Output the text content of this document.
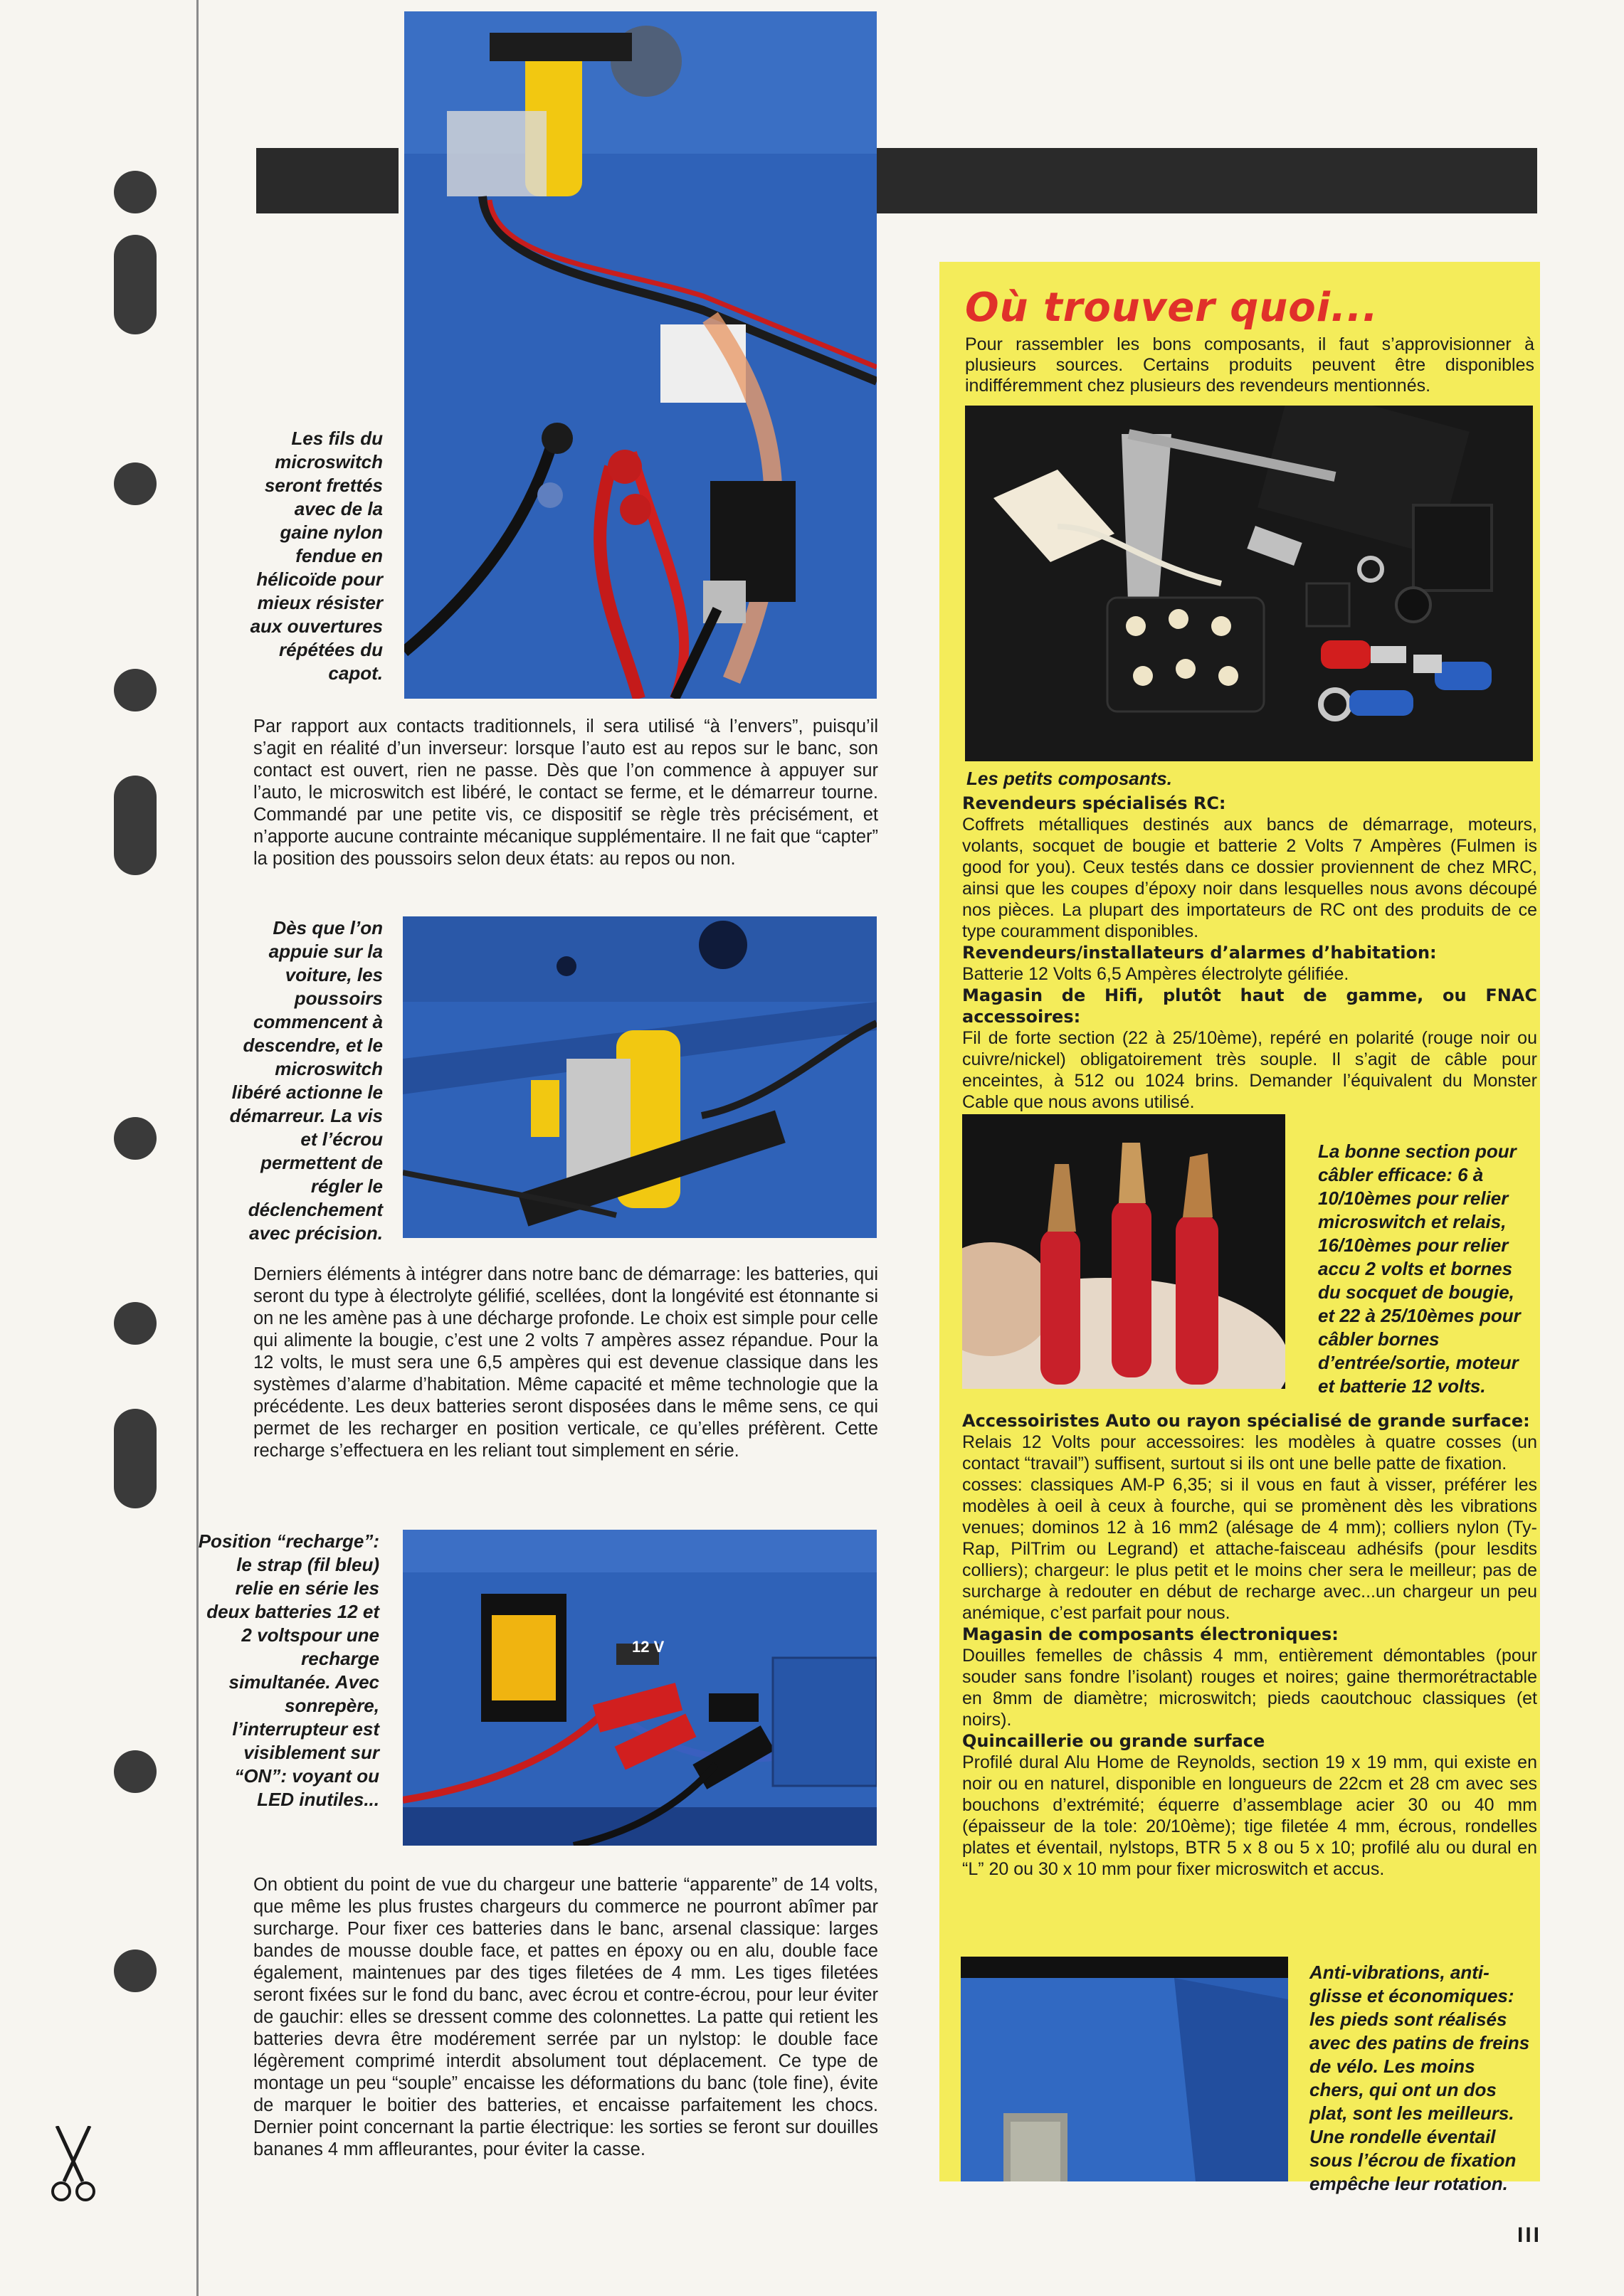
Les fils du microswitch seront frettés avec de la gaine nylon fendue en hélicoïde pour mieux résister aux ouvertures répétées du capot.
Par rapport aux contacts traditionnels, il sera utilisé “à l’envers”, puisqu’il s’agit en réalité d’un inverseur: lorsque l’auto est au repos sur le banc, son contact est ouvert, rien ne passe. Dès que l’on commence à appuyer sur l’auto, le microswitch est libéré, le contact se ferme, et le démarreur tourne. Commandé par une petite vis, ce dispositif se règle très précisément, et n’apporte aucune contrainte mécanique supplémentaire. Il ne fait que “capter” la position des poussoirs selon deux états: au repos ou non.
Dès que l’on appuie sur la voiture, les poussoirs commencent à descendre, et le microswitch libéré actionne le démarreur. La vis et l’écrou permettent de régler le déclenchement avec précision.
Derniers éléments à intégrer dans notre banc de démarrage: les batteries, qui seront du type à électrolyte gélifié, scellées, dont la longévité est étonnante si on ne les amène pas à une décharge profonde. Le choix est simple pour celle qui alimente la bougie, c’est une 2 volts 7 ampères assez répandue. Pour la 12 volts, le must sera une 6,5 ampères qui est devenue classique dans les systèmes d’alarme d’habitation. Même capacité et même technologie que la précédente. Les deux batteries seront disposées dans le même sens, ce qui permet de les recharger en position verticale, ce qu’elles préfèrent. Cette recharge s’effectuera en les reliant tout simplement en série.
12 V
Position “recharge”: le strap (fil bleu) relie en série les deux batteries 12 et 2 voltspour une recharge simultanée. Avec sonrepère, l’interrupteur est visiblement sur “ON”: voyant ou LED inutiles...
On obtient du point de vue du chargeur une batterie “apparente” de 14 volts, que même les plus frustes chargeurs du commerce ne pourront abîmer par surcharge. Pour fixer ces batteries dans le banc, arsenal classique: larges bandes de mousse double face, et pattes en époxy ou en alu, double face également, maintenues par des tiges filetées de 4 mm. Les tiges filetées seront fixées sur le fond du banc, avec écrou et contre-écrou, pour leur éviter de gauchir: elles se dressent comme des colonnettes. La patte qui retient les batteries devra être modérement serrée par un nylstop: le double face légèrement comprimé interdit absolument tout déplacement. Ce type de montage un peu “souple” encaisse les déformations du banc (tole fine), évite de marquer le boitier des batteries, et encaisse parfaitement les chocs. Dernier point concernant la partie électrique: les sorties se feront sur douilles bananes 4 mm affleurantes, pour éviter la casse.
Où trouver quoi...
Pour rassembler les bons composants, il faut s’approvisionner à plusieurs sources. Certains produits peuvent être disponibles indifféremment chez plusieurs des revendeurs mentionnés.
Les petits composants.
Revendeurs spécialisés RC:
Coffrets métalliques destinés aux bancs de démarrage, moteurs, volants, socquet de bougie et batterie 2 Volts 7 Ampères (Fulmen is good for you). Ceux testés dans ce dossier proviennent de chez MRC, ainsi que les coupes d’époxy noir dans lesquelles nous avons découpé nos pièces. La plupart des importateurs de RC ont des produits de ce type couramment disponibles.
Revendeurs/installateurs d’alarmes d’habitation:
Batterie 12 Volts 6,5 Ampères électrolyte gélifiée.
Magasin de Hifi, plutôt haut de gamme, ou FNAC accessoires:
Fil de forte section (22 à 25/10ème), repéré en polarité (rouge noir ou cuivre/nickel) obligatoirement très souple. Il s’agit de câble pour enceintes, à 512 ou 1024 brins. Demander l’équivalent du Monster Cable que nous avons utilisé.
La bonne section pour câbler efficace: 6 à 10/10èmes pour relier microswitch et relais, 16/10èmes pour relier accu 2 volts et bornes du socquet de bougie, et 22 à 25/10èmes pour câbler bornes d’entrée/sortie, moteur et batterie 12 volts.
Accessoiristes Auto ou rayon spécialisé de grande surface:
Relais 12 Volts pour accessoires: les modèles à quatre cosses (un contact “travail”) suffisent, surtout si ils ont une belle patte de fixation.
cosses: classiques AM-P 6,35; si il vous en faut à visser, préférer les modèles à oeil à ceux à fourche, qui se promènent dès les vibrations venues; dominos 12 à 16 mm2 (alésage de 4 mm); colliers nylon (Ty-Rap, PilTrim ou Legrand) et attache-faisceau adhésifs (pour lesdits colliers); chargeur: le plus petit et le moins cher sera le meilleur; pas de surcharge à redouter en début de recharge avec...un chargeur un peu anémique, c’est parfait pour nous.
Magasin de composants électroniques:
Douilles femelles de châssis 4 mm, entièrement démontables (pour souder sans fondre l’isolant) rouges et noires; gaine thermorétractable en 8mm de diamètre; microswitch; pieds caoutchouc classiques (et noirs).
Quincaillerie ou grande surface
Profilé dural Alu Home de Reynolds, section 19 x 19 mm, qui existe en noir ou en naturel, disponible en longueurs de 22cm et 28 cm avec ses bouchons d’extrémité; équerre d’assemblage acier 30 ou 40 mm (épaisseur de la tole: 20/10ème); tige filetée 4 mm, écrous, rondelles plates et éventail, nylstops, BTR 5 x 8 ou 5 x 10; profilé alu ou dural en “L” 20 ou 30 x 10 mm pour fixer microswitch et accus.
Anti-vibrations, anti-glisse et économiques: les pieds sont réalisés avec des patins de freins de vélo. Les moins chers, qui ont un dos plat, sont les meilleurs. Une rondelle éventail sous l’écrou de fixation empêche leur rotation.
III
